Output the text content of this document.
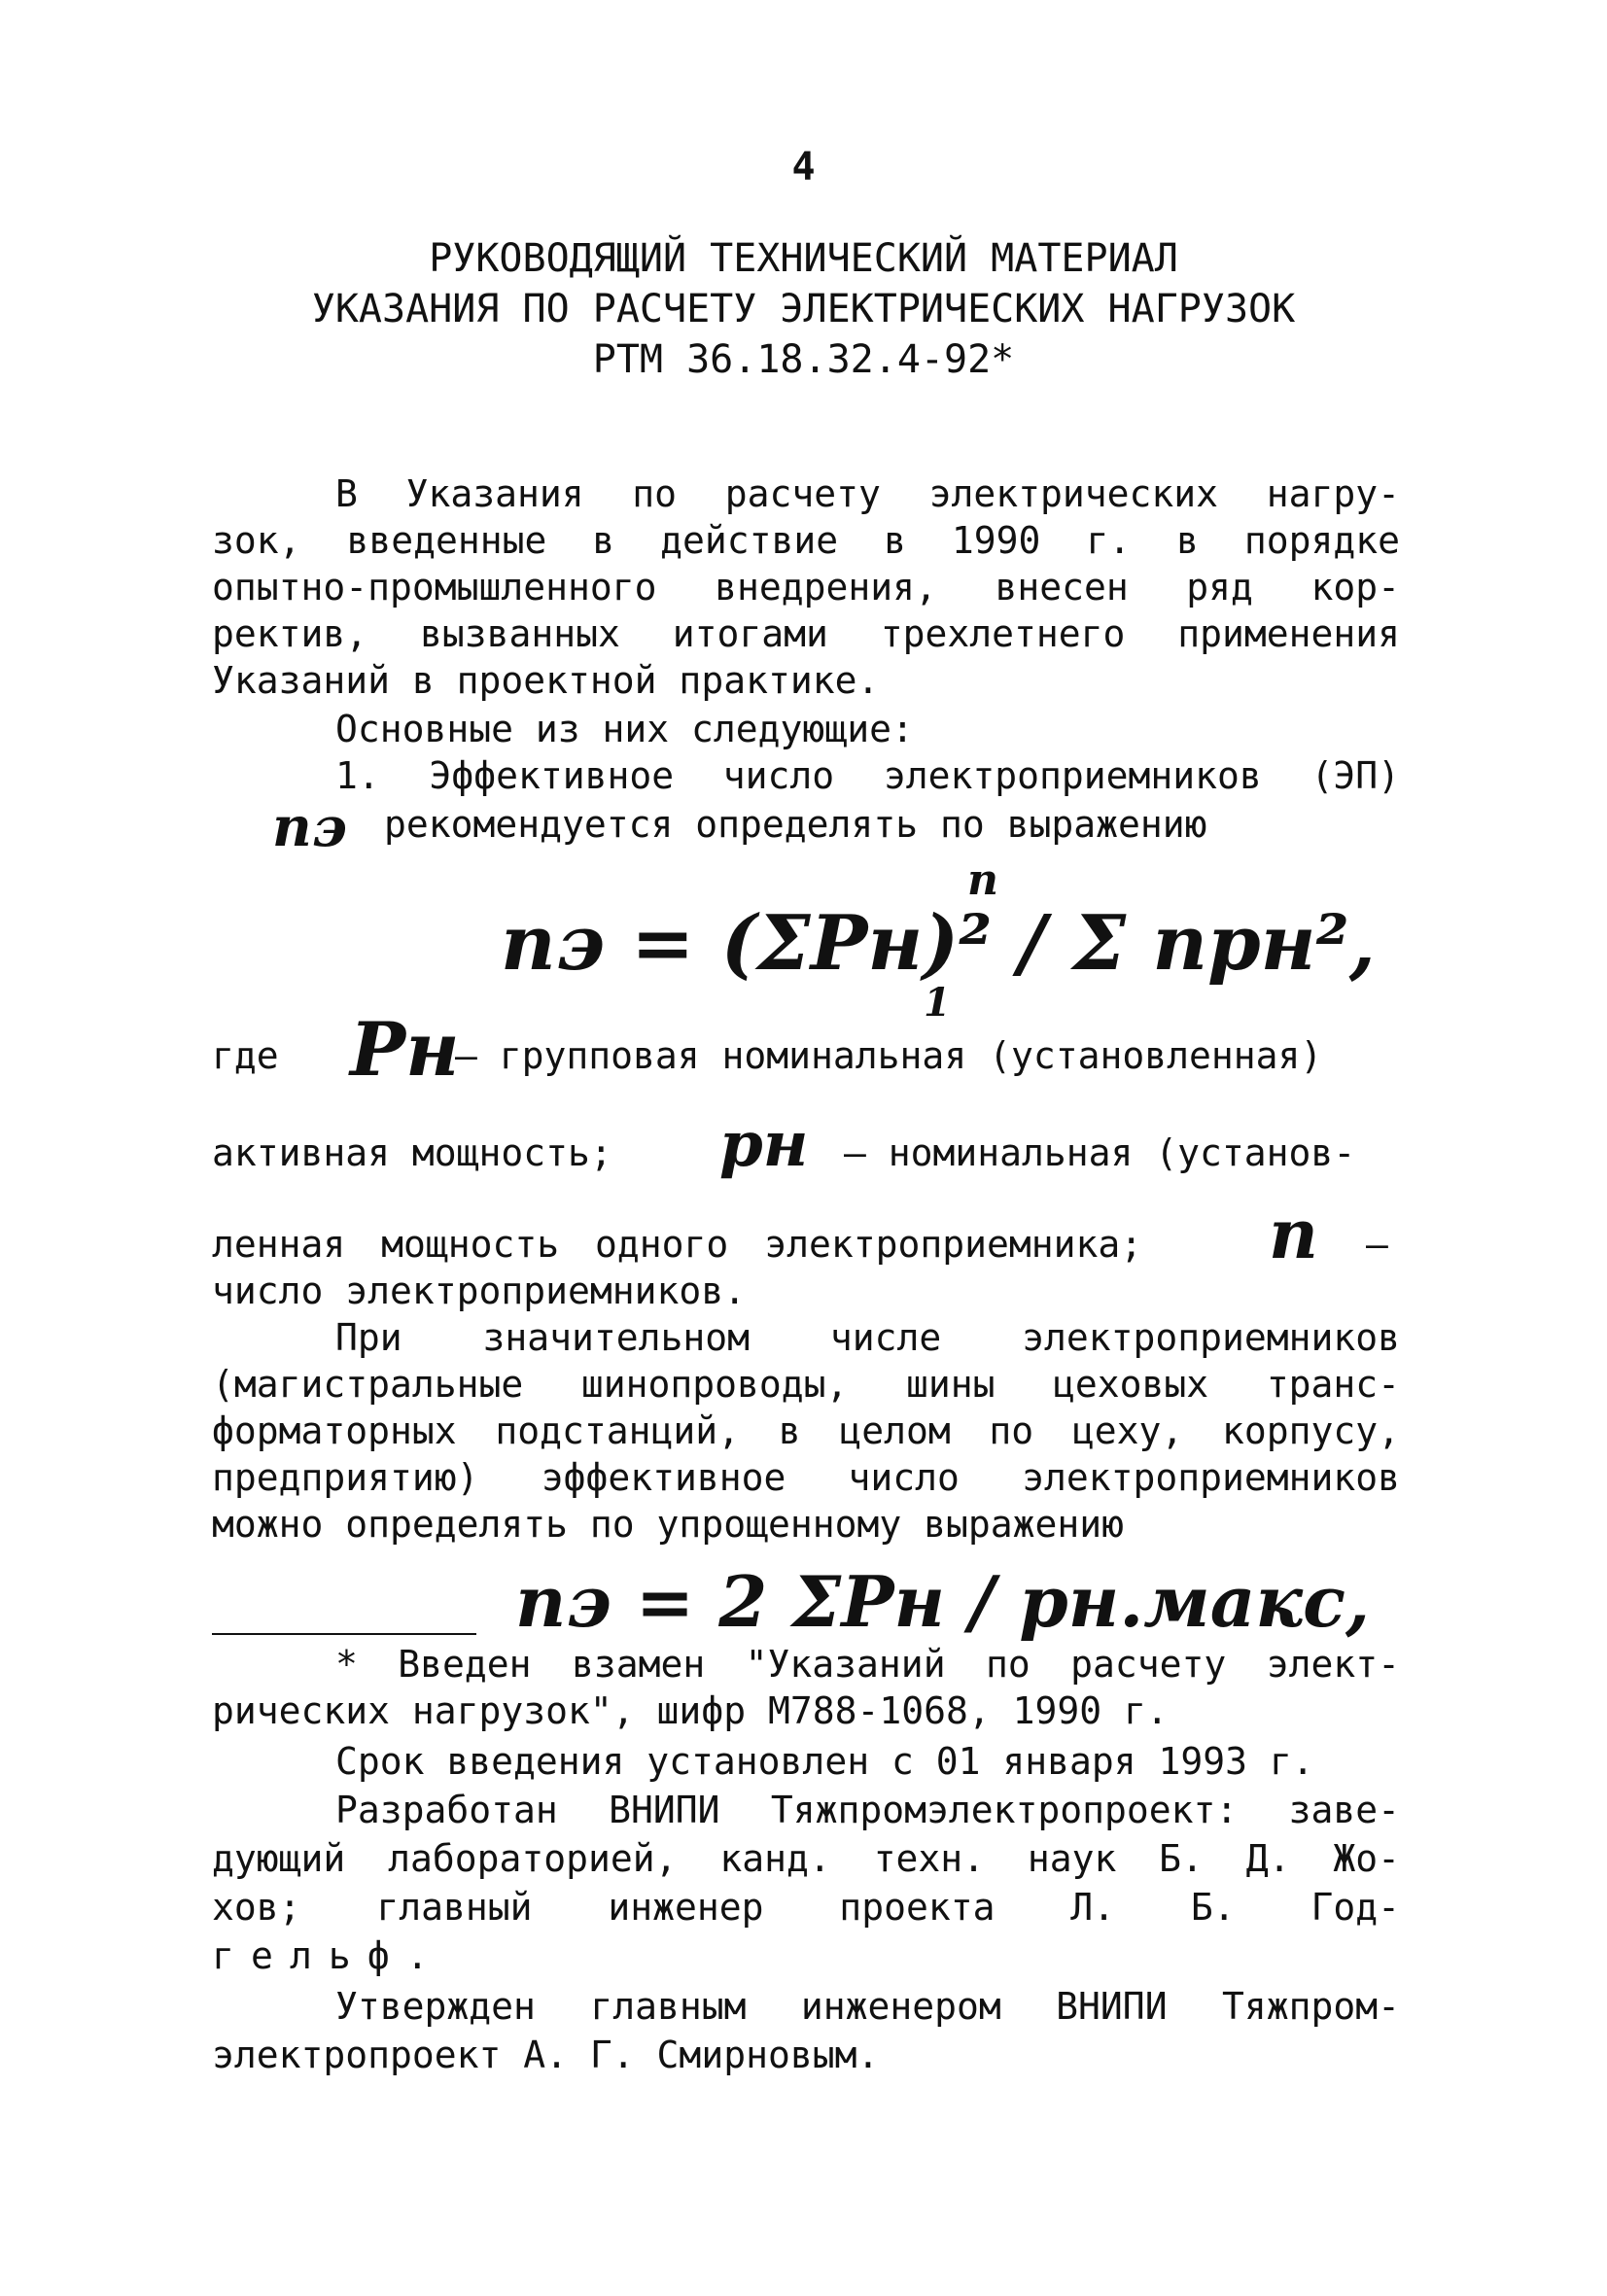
4
РУКОВОДЯЩИЙ ТЕХНИЧЕСКИЙ МАТЕРИАЛ
УКАЗАНИЯ ПО РАСЧЕТУ ЭЛЕКТРИЧЕСКИХ НАГРУЗОК
РТМ 36.18.32.4-92*
В Указания по расчету электрических нагру-
зок, введенные в действие в 1990 г. в порядке
опытно-промышленного внедрения, внесен ряд кор-
ректив, вызванных итогами трехлетнего применения
Указаний в проектной практике.
Основные из них следующие:
1. Эффективное число электроприемников (ЭП)
nэ рекомендуется определять по выражению
n
nэ = (ΣPн)² / Σ npн²,
1
где Pн
– групповая номинальная (установленная)
активная мощность; pн – номинальная (установ-
ленная мощность одного электроприемника; n –
число электроприемников.
При значительном числе электроприемников
(магистральные шинопроводы, шины цеховых транс-
форматорных подстанций, в целом по цеху, корпусу,
предприятию) эффективное число электроприемников
можно определять по упрощенному выражению
nэ = 2 ΣPн / pн.макс,
* Введен взамен "Указаний по расчету элект-
рических нагрузок", шифр М788-1068, 1990 г.
Срок введения установлен с 01 января 1993 г.
Разработан ВНИПИ Тяжпромэлектропроект: заве-
дующий лабораторией, канд. техн. наук Б. Д. Жо-
хов; главный инженер проекта Л. Б. Год-
гельф.
Утвержден главным инженером ВНИПИ Тяжпром-
электропроект А. Г. Смирновым.
